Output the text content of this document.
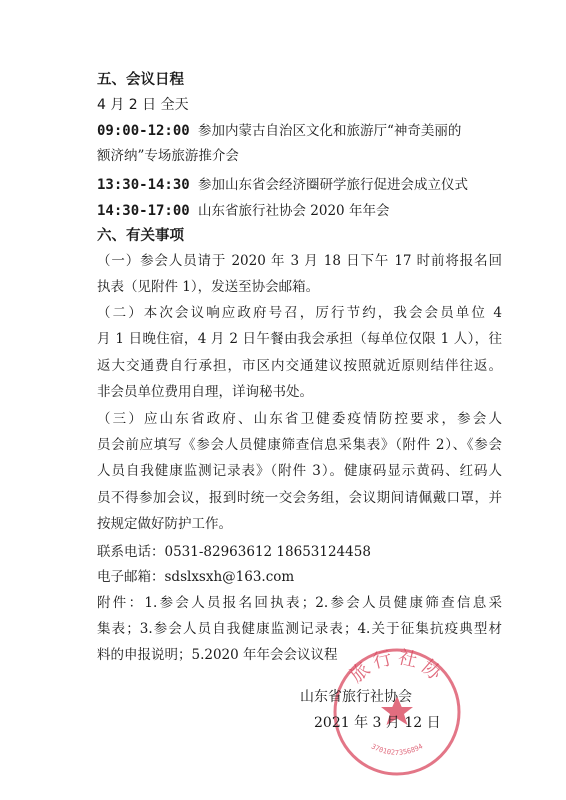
五、会议日程
4 月 2 日 全天
09:00-12:00 参加内蒙古自治区文化和旅游厅“神奇美丽的
额济纳”专场旅游推介会
13:30-14:30 参加山东省会经济圈研学旅行促进会成立仪式
14:30-17:00 山东省旅行社协会 2020 年年会
六、有关事项
（一）参会人员请于 2020 年 3 月 18 日下午 17 时前将报名回
执表（见附件 1），发送至协会邮箱。
（二）本次会议响应政府号召，厉行节约，我会会员单位 4
月 1 日晚住宿，4 月 2 日午餐由我会承担（每单位仅限 1 人），往
返大交通费自行承担，市区内交通建议按照就近原则结伴往返。
非会员单位费用自理，详询秘书处。
（三）应山东省政府、山东省卫健委疫情防控要求，参会人
员会前应填写《参会人员健康筛查信息采集表》（附件 2）、《参会
人员自我健康监测记录表》（附件 3）。健康码显示黄码、红码人
员不得参加会议，报到时统一交会务组，会议期间请佩戴口罩，并
按规定做好防护工作。
联系电话：0531-82963612 18653124458
电子邮箱：sdslxsxh@163.com
附件：1.参会人员报名回执表；2.参会人员健康筛查信息采
集表；3.参会人员自我健康监测记录表；4.关于征集抗疫典型材
料的申报说明；5.2020 年年会会议议程
旅行社协
3701027356894
山东省旅行社协会
2021 年 3 月 12 日
